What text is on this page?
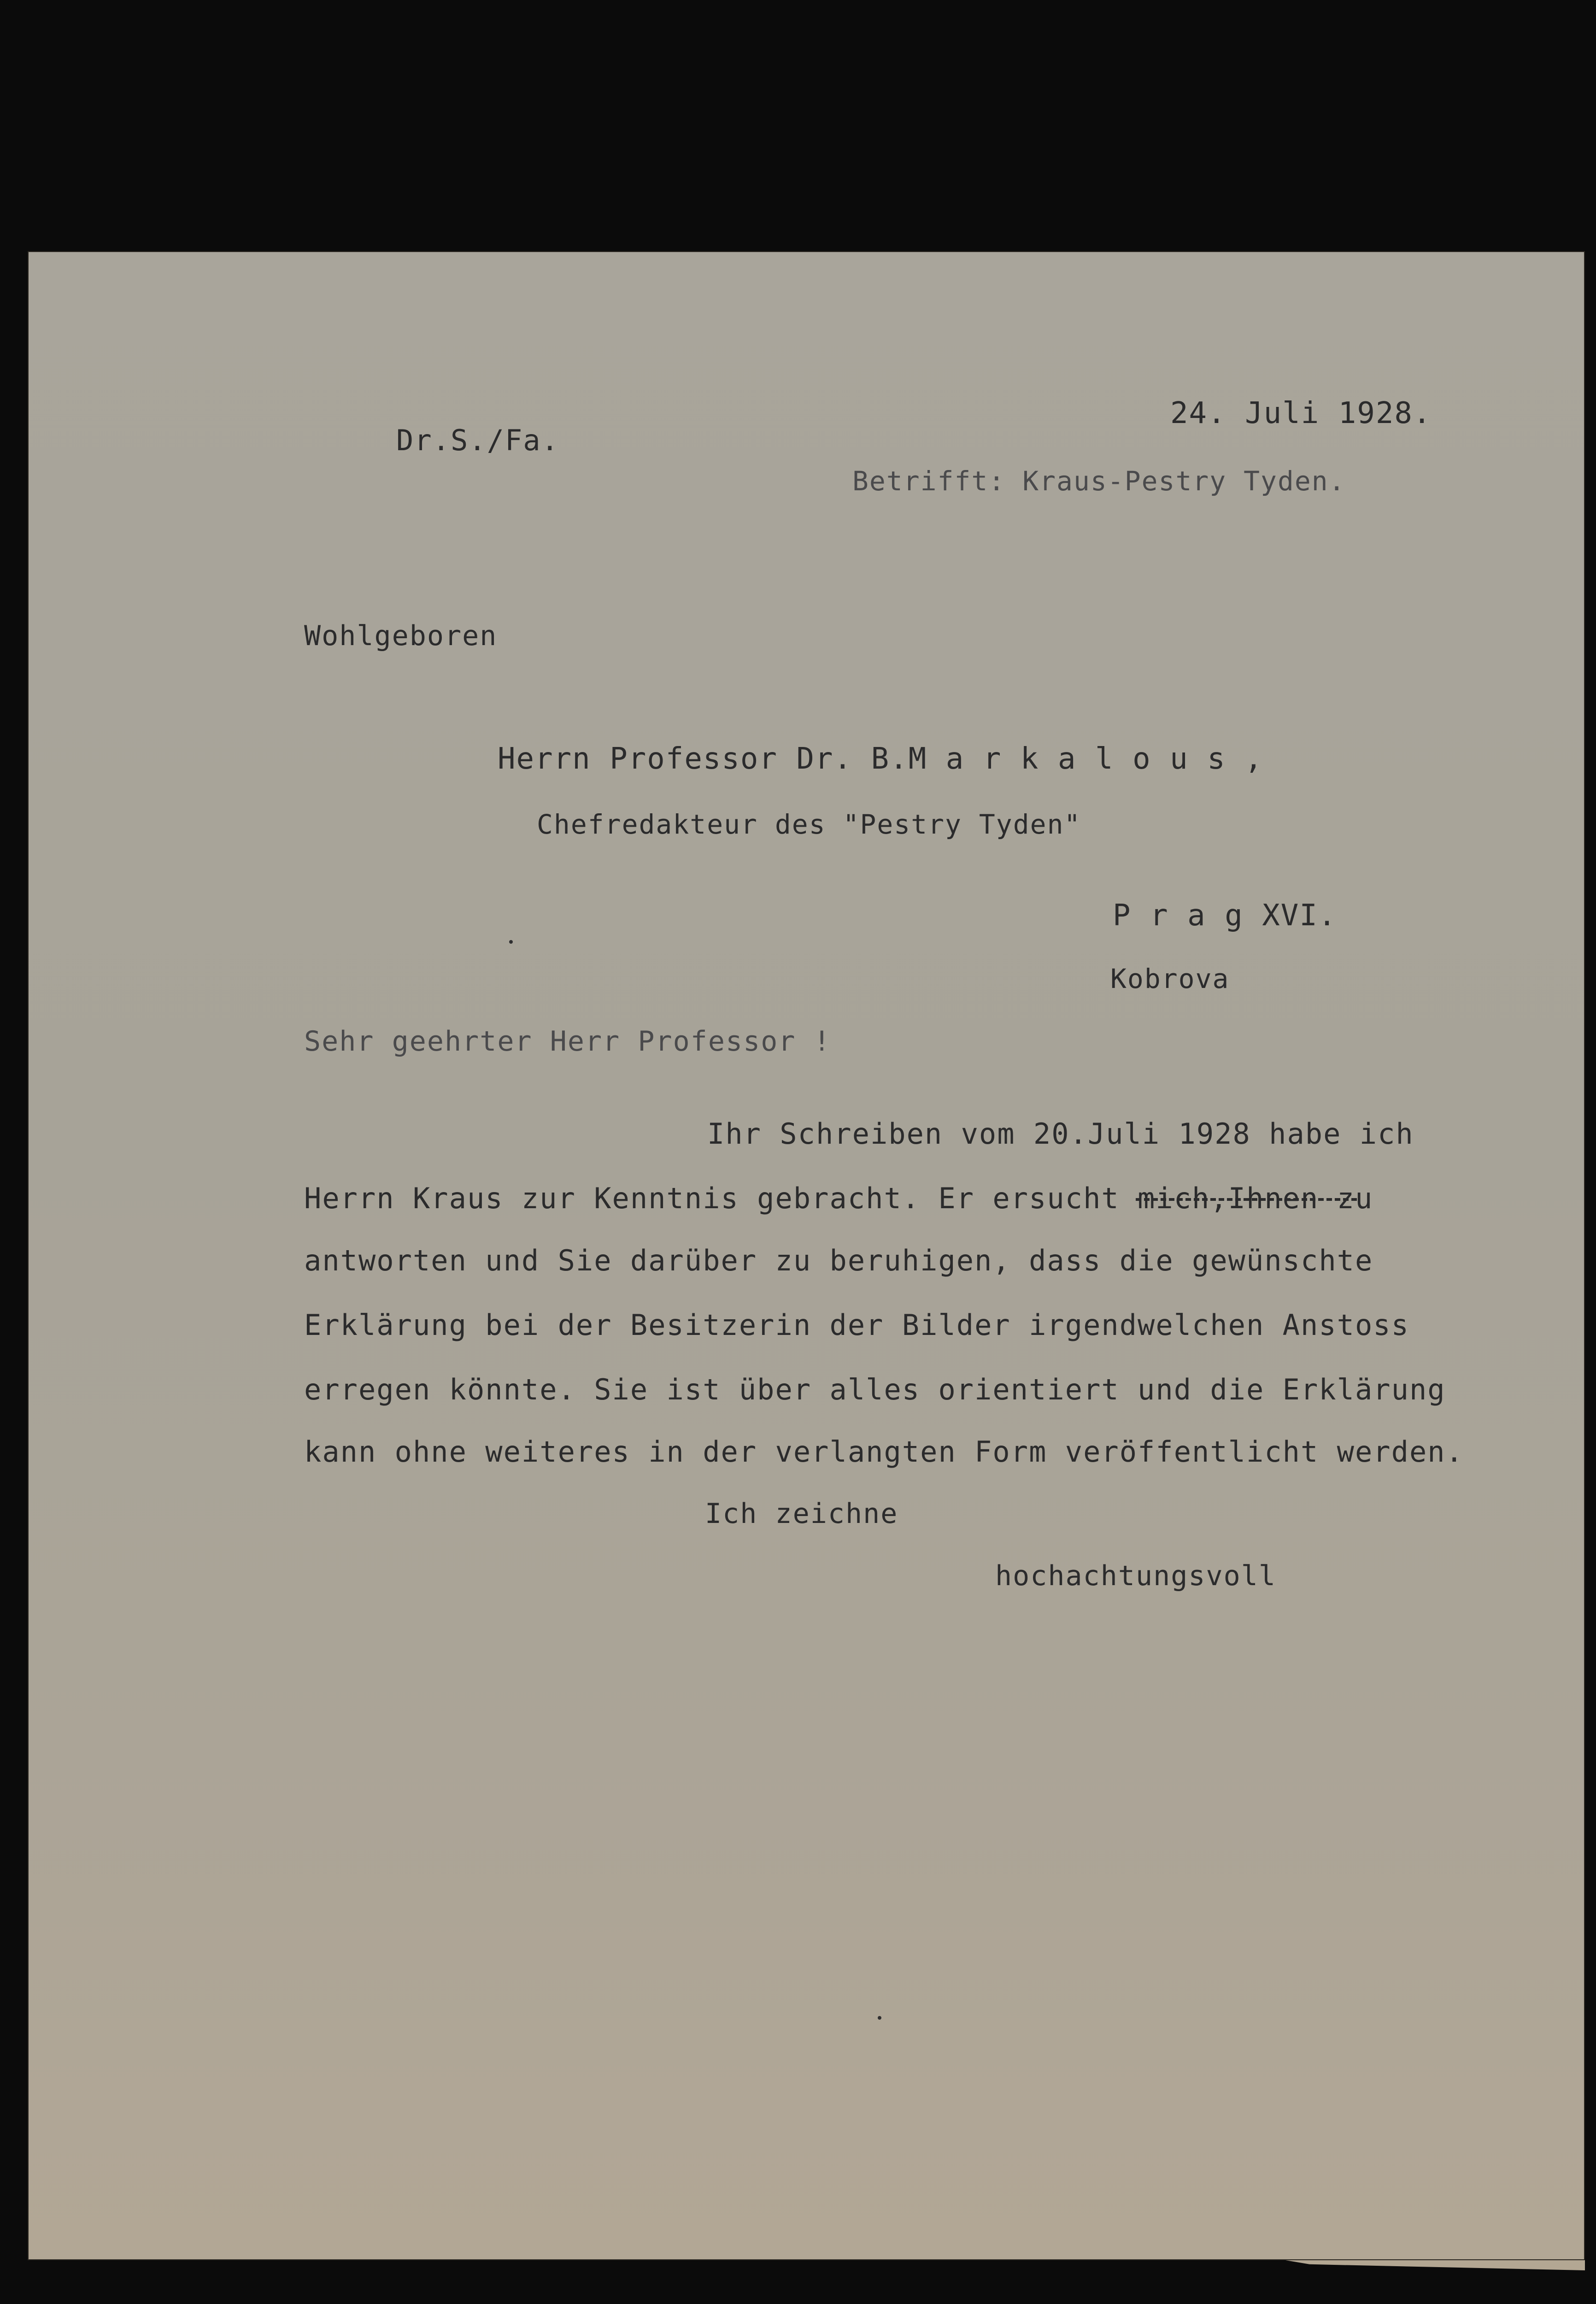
24. Juli 1928.

Dr.S./Fa.

Betrifft: Kraus-Pestry Tyden.

Wohlgeboren

Herrn Professor Dr. B.M a r k a l o u s ,

Chefredakteur des "Pestry Tyden"

P r a g XVI.

Kobrova

Sehr geehrter Herr Professor !

Ihr Schreiben vom 20.Juli 1928 habe ich

Herrn Kraus zur Kenntnis gebracht. Er ersucht mich,Ihnen zu

antworten und Sie darüber zu beruhigen, dass die gewünschte

Erklärung bei der Besitzerin der Bilder irgendwelchen Anstoss

erregen könnte. Sie ist über alles orientiert und die Erklärung

kann ohne weiteres in der verlangten Form veröffentlicht werden.

Ich zeichne

hochachtungsvoll
